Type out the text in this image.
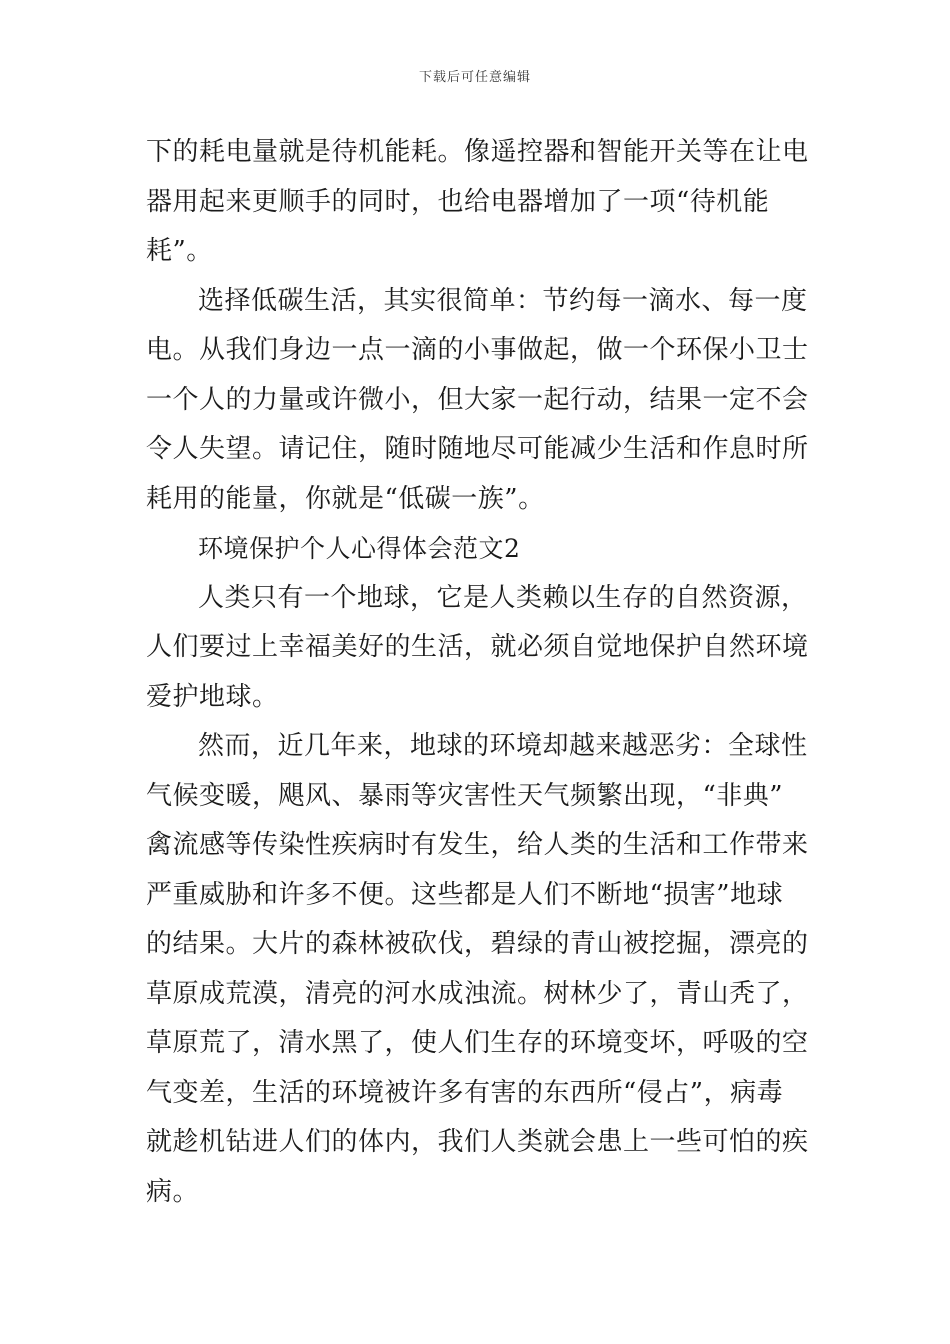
下载后可任意编辑
下的耗电量就是待机能耗。像遥控器和智能开关等在让电
器用起来更顺手的同时，也给电器增加了一项“待机能
耗”。
选择低碳生活，其实很简单：节约每一滴水、每一度
电。从我们身边一点一滴的小事做起，做一个环保小卫士
一个人的力量或许微小，但大家一起行动，结果一定不会
令人失望。请记住，随时随地尽可能减少生活和作息时所
耗用的能量，你就是“低碳一族”。
环境保护个人心得体会范文2
人类只有一个地球，它是人类赖以生存的自然资源，
人们要过上幸福美好的生活，就必须自觉地保护自然环境
爱护地球。
然而，近几年来，地球的环境却越来越恶劣：全球性
气候变暖，飓风、暴雨等灾害性天气频繁出现，“非典”
禽流感等传染性疾病时有发生，给人类的生活和工作带来
严重威胁和许多不便。这些都是人们不断地“损害”地球
的结果。大片的森林被砍伐，碧绿的青山被挖掘，漂亮的
草原成荒漠，清亮的河水成浊流。树林少了，青山秃了，
草原荒了，清水黑了，使人们生存的环境变坏，呼吸的空
气变差，生活的环境被许多有害的东西所“侵占”，病毒
就趁机钻进人们的体内，我们人类就会患上一些可怕的疾
病。
